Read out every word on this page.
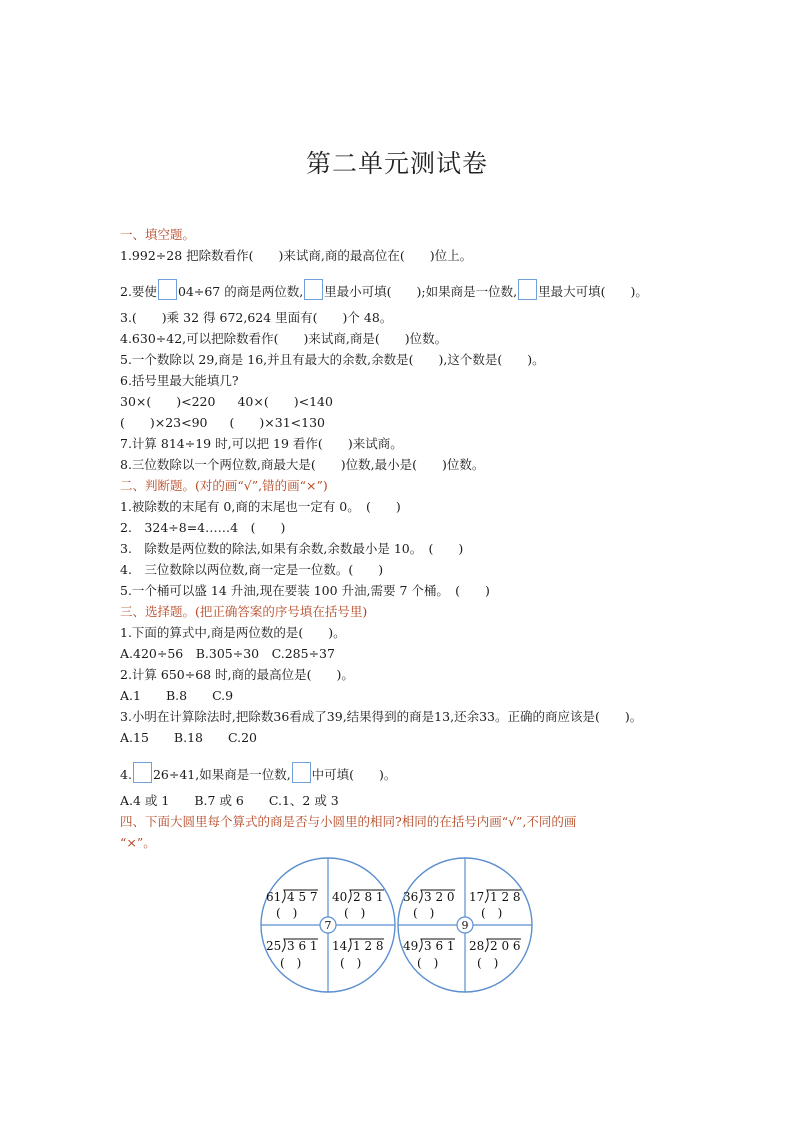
第二单元测试卷
一、填空题。
1.992÷28 把除数看作(　　)来试商,商的最高位在(　　)位上。
2.要使 04÷67 的商是两位数, 里最小可填(　　);如果商是一位数, 里最大可填(　　)。
3.(　　)乘 32 得 672,624 里面有(　　)个 48。
4.630÷42,可以把除数看作(　　)来试商,商是(　　)位数。
5.一个数除以 29,商是 16,并且有最大的余数,余数是(　　),这个数是(　　)。
6.括号里最大能填几?
30×(　　)<220 40×(　　)<140
(　　)×23<90 (　　)×31<130
7.计算 814÷19 时,可以把 19 看作(　　)来试商。
8.三位数除以一个两位数,商最大是(　　)位数,最小是(　　)位数。
二、判断题。(对的画“√”,错的画“×”)
1.被除数的末尾有 0,商的末尾也一定有 0。　(　　)
2.　324÷8=4……4　(　　)
3.　除数是两位数的除法,如果有余数,余数最小是 10。　(　　)
4.　三位数除以两位数,商一定是一位数。(　　)
5.一个桶可以盛 14 升油,现在要装 100 升油,需要 7 个桶。　(　　)
三、选择题。(把正确答案的序号填在括号里)
1.下面的算式中,商是两位数的是(　　)。
A.420÷56　B.305÷30　C.285÷37
2.计算 650÷68 时,商的最高位是(　　)。
A.1　　B.8　　C.9
3.小明在计算除法时,把除数36看成了39,结果得到的商是13,还余33。正确的商应该是(　　)。
A.15　　B.18　　C.20
4. 26÷41,如果商是一位数, 中可填(　　)。
A.4 或 1　　B.7 或 6　　C.1、2 或 3
四、下面大圆里每个算式的商是否与小圆里的相同?相同的在括号内画“√”,不同的画
“×”。
61 4 5 7
(　)
40 2 8 1
(　)
25 3 6 1
(　)
14 1 2 8
(　)
36 3 2 0
(　)
17 1 2 8
(　)
49 3 6 1
(　)
28 2 0 6
(　)
7	9
